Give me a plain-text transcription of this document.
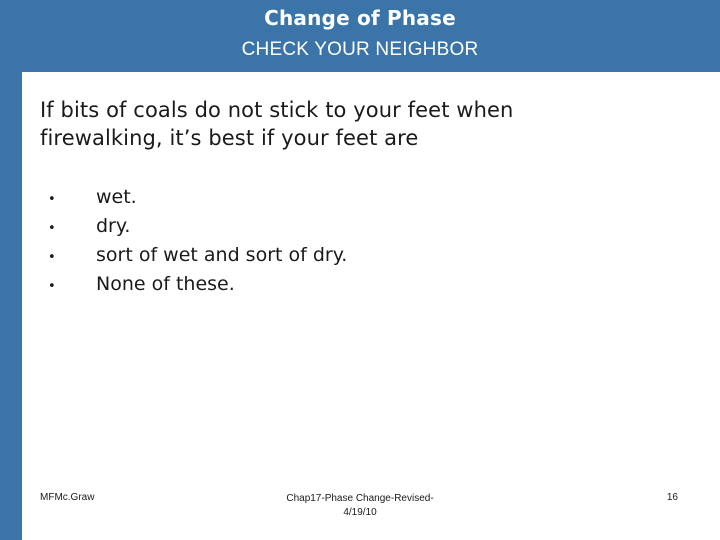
Change of Phase
CHECK YOUR NEIGHBOR
If bits of coals do not stick to your feet when firewalking, it’s best if your feet are
•	wet.
•	dry.
•	sort of wet and sort of dry.
•	None of these.
MFMc.Graw	Chap17-Phase Change-Revised-
4/19/10
16
